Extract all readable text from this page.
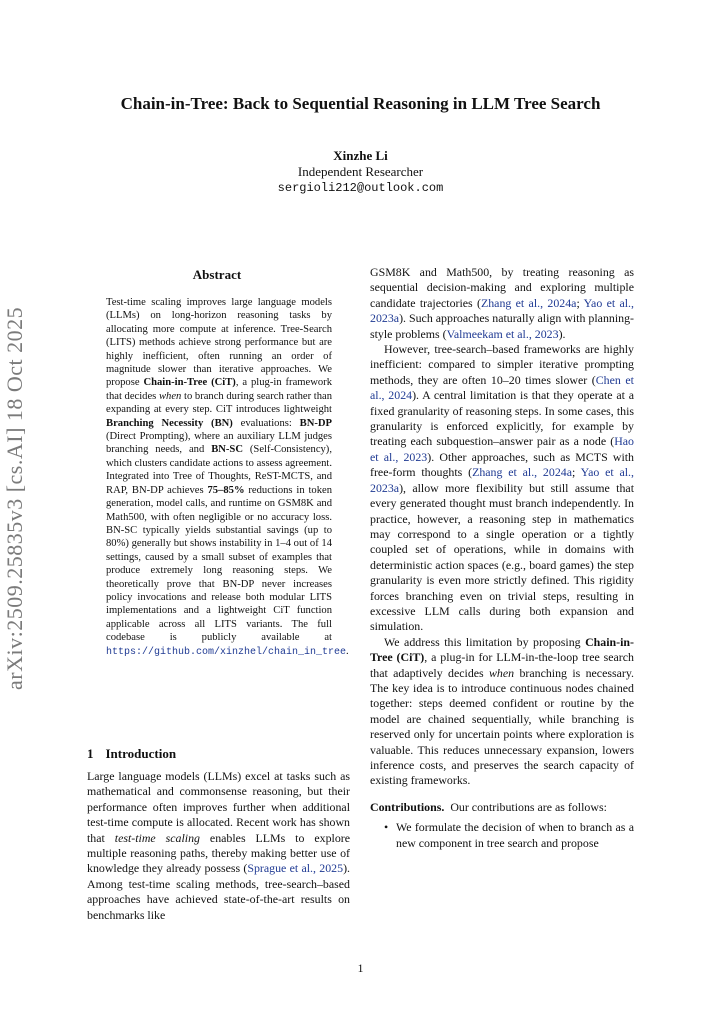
Chain-in-Tree: Back to Sequential Reasoning in LLM Tree Search
Xinzhe Li
Independent Researcher
sergioli212@outlook.com
arXiv:2509.25835v3 [cs.AI] 18 Oct 2025
Abstract
Test-time scaling improves large language models (LLMs) on long-horizon reasoning tasks by allocating more compute at inference. Tree-Search (LITS) methods achieve strong performance but are highly inefficient, often running an order of magnitude slower than iterative approaches. We propose Chain-in-Tree (CiT), a plug-in framework that decides when to branch during search rather than expanding at every step. CiT introduces lightweight Branching Necessity (BN) evaluations: BN-DP (Direct Prompting), where an auxiliary LLM judges branching needs, and BN-SC (Self-Consistency), which clusters candidate actions to assess agreement. Integrated into Tree of Thoughts, ReST-MCTS, and RAP, BN-DP achieves 75–85% reductions in token generation, model calls, and runtime on GSM8K and Math500, with often negligible or no accuracy loss. BN-SC typically yields substantial savings (up to 80%) generally but shows instability in 1–4 out of 14 settings, caused by a small subset of examples that produce extremely long reasoning steps. We theoretically prove that BN-DP never increases policy invocations and release both modular LITS implementations and a lightweight CiT function applicable across all LITS variants. The full codebase is publicly available at https://github.com/xinzhel/chain_in_tree.
1 Introduction
Large language models (LLMs) excel at tasks such as mathematical and commonsense reasoning, but their performance often improves further when additional test-time compute is allocated. Recent work has shown that test-time scaling enables LLMs to explore multiple reasoning paths, thereby making better use of knowledge they already possess (Sprague et al., 2025). Among test-time scaling methods, tree-search–based approaches have achieved state-of-the-art results on benchmarks like

GSM8K and Math500, by treating reasoning as sequential decision-making and exploring multiple candidate trajectories (Zhang et al., 2024a; Yao et al., 2023a). Such approaches naturally align with planning-style problems (Valmeekam et al., 2023).

However, tree-search–based frameworks are highly inefficient: compared to simpler iterative prompting methods, they are often 10–20 times slower (Chen et al., 2024). A central limitation is that they operate at a fixed granularity of reasoning steps. In some cases, this granularity is enforced explicitly, for example by treating each subquestion–answer pair as a node (Hao et al., 2023). Other approaches, such as MCTS with free-form thoughts (Zhang et al., 2024a; Yao et al., 2023a), allow more flexibility but still assume that every generated thought must branch independently. In practice, however, a reasoning step in mathematics may correspond to a single operation or a tightly coupled set of operations, while in domains with deterministic action spaces (e.g., board games) the step granularity is even more strictly defined. This rigidity forces branching even on trivial steps, resulting in excessive LLM calls during both expansion and simulation.

We address this limitation by proposing Chain-in-Tree (CiT), a plug-in for LLM-in-the-loop tree search that adaptively decides when branching is necessary. The key idea is to introduce continuous nodes chained together: steps deemed confident or routine by the model are chained sequentially, while branching is reserved only for uncertain points where exploration is valuable. This reduces unnecessary expansion, lowers inference costs, and preserves the search capacity of existing frameworks.

Contributions. Our contributions are as follows:

• We formulate the decision of when to branch as a new component in tree search and propose

1
